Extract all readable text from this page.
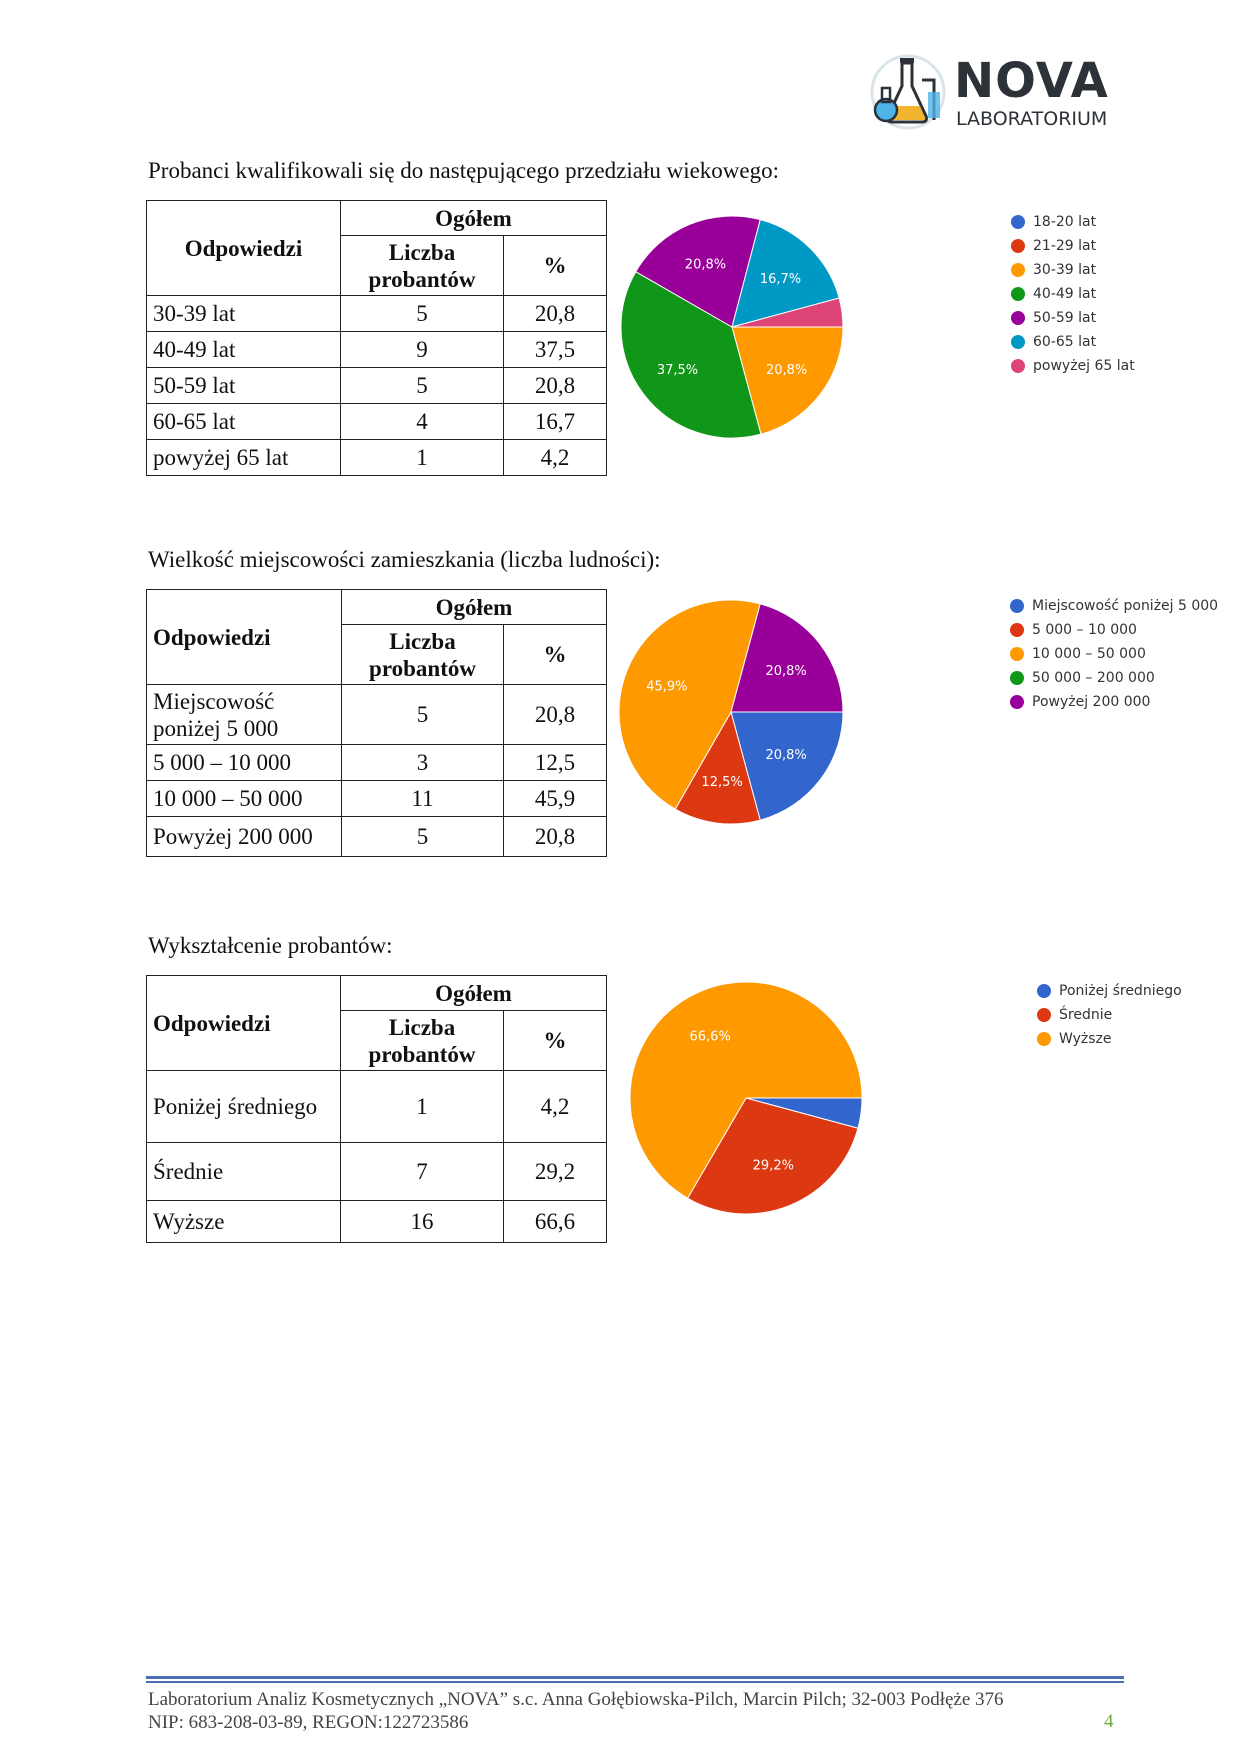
NOVA
LABORATORIUM
Probanci kwalifikowali się do następującego przedziału wiekowego:
Odpowiedzi	Ogółem	
	Liczba probantów	%
30-39 lat	5	20,8
40-49 lat	9	37,5
50-59 lat	5	20,8
60-65 lat	4	16,7
powyżej 65 lat	1	4,2
20,8%
37,5%
20,8%
16,7%
18-20 lat
21-29 lat
30-39 lat
40-49 lat
50-59 lat
60-65 lat
powyżej 65 lat
Wielkość miejscowości zamieszkania (liczba ludności):
Odpowiedzi	Ogółem	
	Liczba probantów	%
Miejscowość poniżej 5 000	5	20,8
5 000 – 10 000	3	12,5
10 000 – 50 000	11	45,9
Powyżej 200 000	5	20,8
20,8%
12,5%
45,9%
20,8%
Miejscowość poniżej 5 000
5 000 – 10 000
10 000 – 50 000
50 000 – 200 000
Powyżej 200 000
Wykształcenie probantów:
Odpowiedzi	Ogółem	
	Liczba probantów	%
Poniżej średniego	1	4,2
Średnie	7	29,2
Wyższe	16	66,6
29,2%
66,6%
Poniżej średniego
Średnie
Wyższe
Laboratorium Analiz Kosmetycznych „NOVA” s.c. Anna Gołębiowska-Pilch, Marcin Pilch; 32-003 Podłęże 376
NIP: 683-208-03-89, REGON:122723586	4
